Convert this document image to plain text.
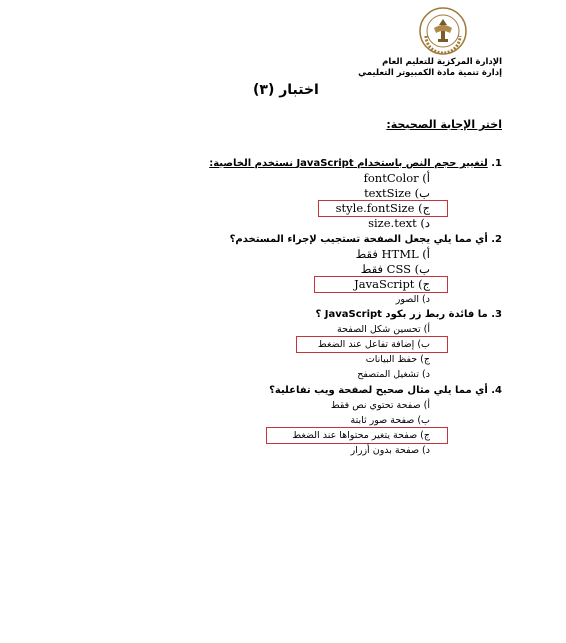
الإدارة المركزية للتعليم العام
إدارة تنمية مادة الكمبيوتر التعليمي
اختبار (٣)
اختر الإجابة الصحيحة:
1. لتغيير حجم النص باستخدام JavaScript نستخدم الخاصية:
أ) fontColor
ب) textSize
ج) style.fontSize
د) size.text
2. أي مما يلي يجعل الصفحة تستجيب لإجراء المستخدم؟
أ) HTML فقط
ب) CSS فقط
ج) JavaScript
د) الصور
3. ما فائدة ربط زر بكود JavaScript ؟
أ) تحسين شكل الصفحة
ب) إضافة تفاعل عند الضغط
ج) حفظ البيانات
د) تشغيل المتصفح
4. أي مما يلي مثال صحيح لصفحة ويب تفاعلية؟
أ) صفحة تحتوي نص فقط
ب) صفحة صور ثابتة
ج) صفحة يتغير محتواها عند الضغط
د) صفحة بدون أزرار
